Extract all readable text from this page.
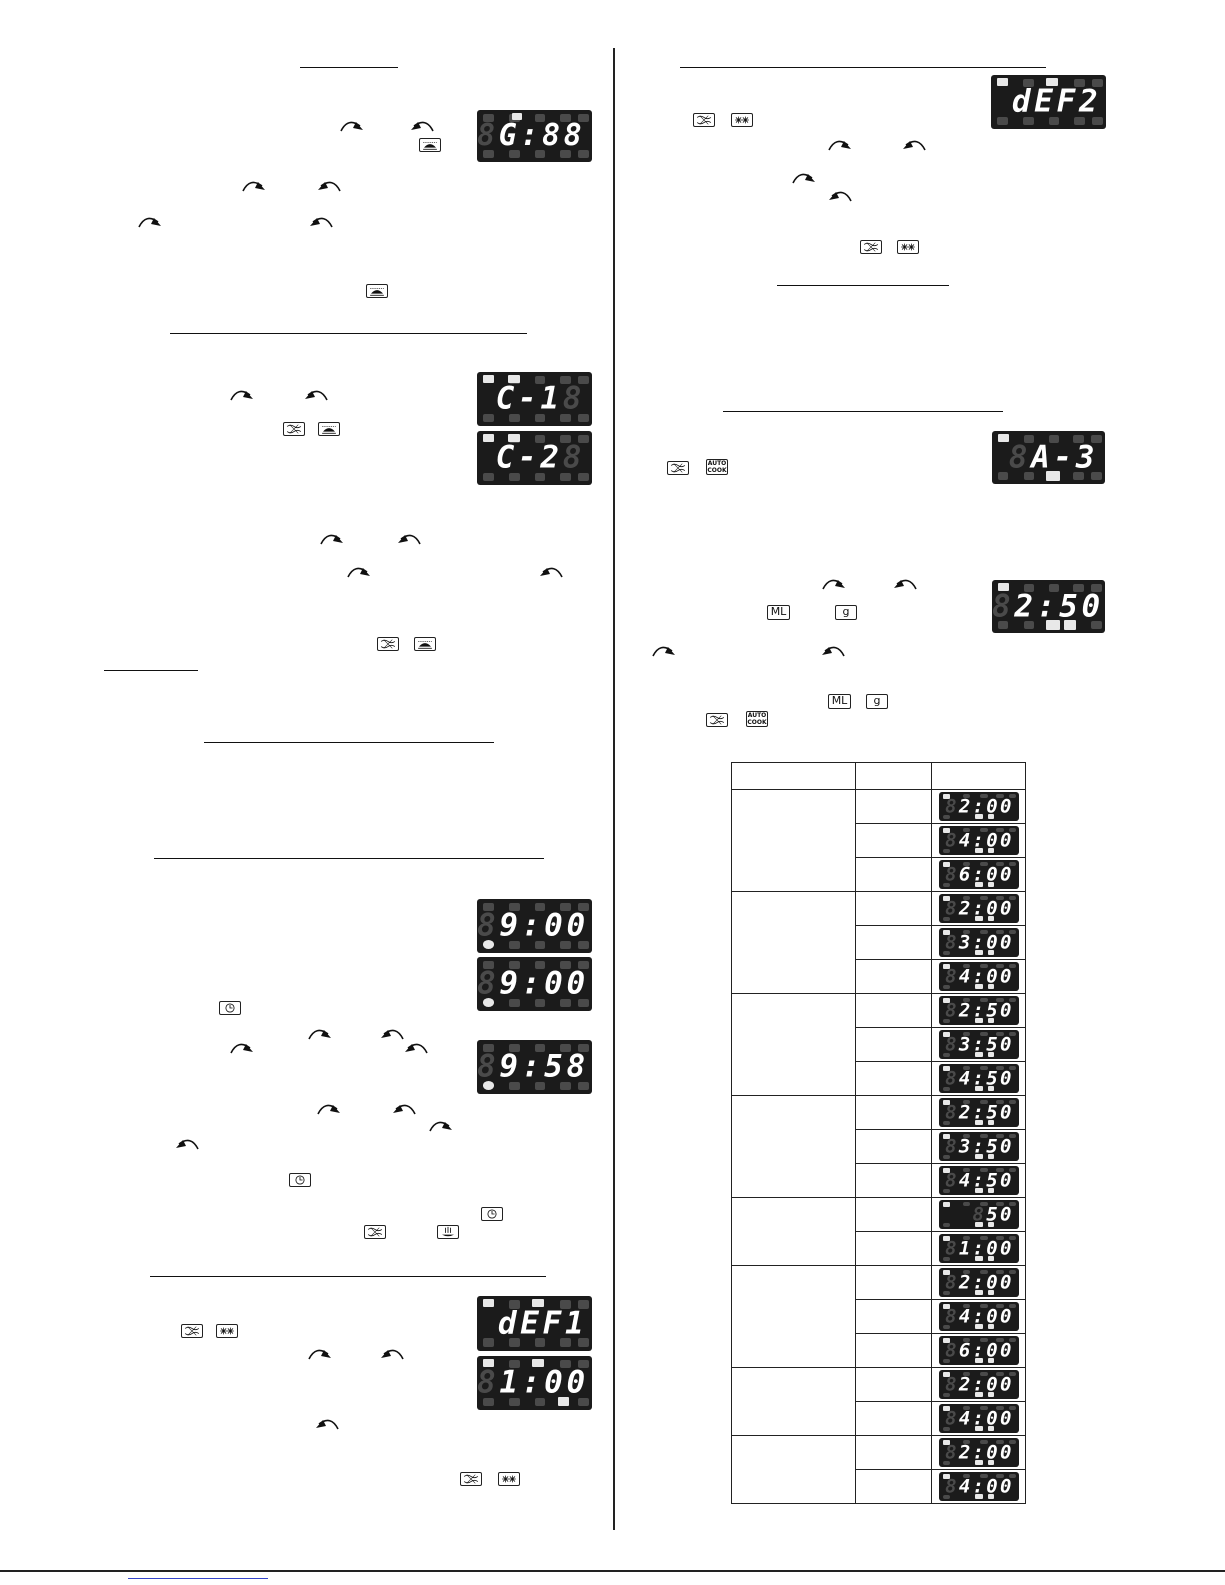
AUTO
COOK
ML	g
ML	g
AUTO
COOK
8G:88
C-18
C-28
89:00
89:00
89:58
dEF1
81:00
dEF2
8A-3
82:50

		82:00

		84:00

		86:00

		82:00

		83:00

		84:00

		82:50

		83:50

		84:50

		82:50

		83:50

		84:50

		850

		81:00

		82:00

		84:00

		86:00

		82:00

		84:00

		82:00

		84:00
